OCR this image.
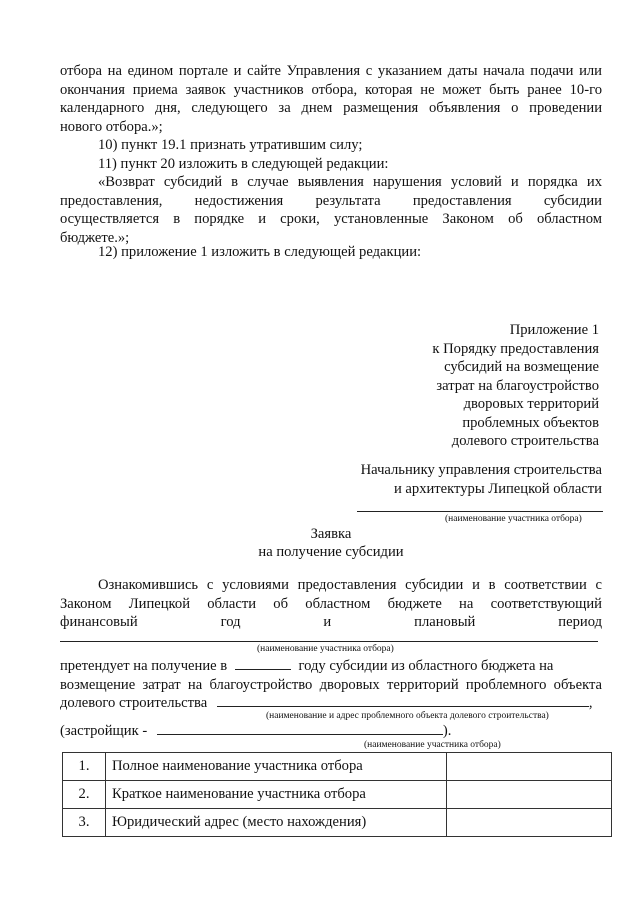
отбора на едином портале и сайте Управления с указанием даты начала подачи или

окончания приема заявок участников отбора, которая не может быть ранее 10-го

календарного дня, следующего за днем размещения объявления о проведении

нового отбора.»;

10) пункт 19.1 признать утратившим силу;

11) пункт 20 изложить в следующей редакции:

«Возврат субсидий в случае выявления нарушения условий и порядка их

предоставления, недостижения результата предоставления субсидии

осуществляется в порядке и сроки, установленные Законом об областном

бюджете.»;

12) приложение 1 изложить в следующей редакции:

Приложение 1
к Порядку предоставления
субсидий на возмещение
затрат на благоустройство
дворовых территорий
проблемных объектов
долевого строительства
Начальнику управления строительства
и архитектуры Липецкой области
(наименование участника отбора)
Заявка
на получение субсидии

Ознакомившись с условиями предоставления субсидии и в соответствии с

Законом Липецкой области об областном бюджете на соответствующий

финансовый год и плановый период

(наименование участника отбора)
претендует на получение в	году субсидии из областного бюджета на

возмещение затрат на благоустройство дворовых территорий проблемного объекта

долевого строительства	,
(наименование и адрес проблемного объекта долевого строительства)
(застройщик -	).
(наименование участника отбора)
1.	Полное наименование участника отбора	
2.	Краткое наименование участника отбора	
3.	Юридический адрес (место нахождения)	
